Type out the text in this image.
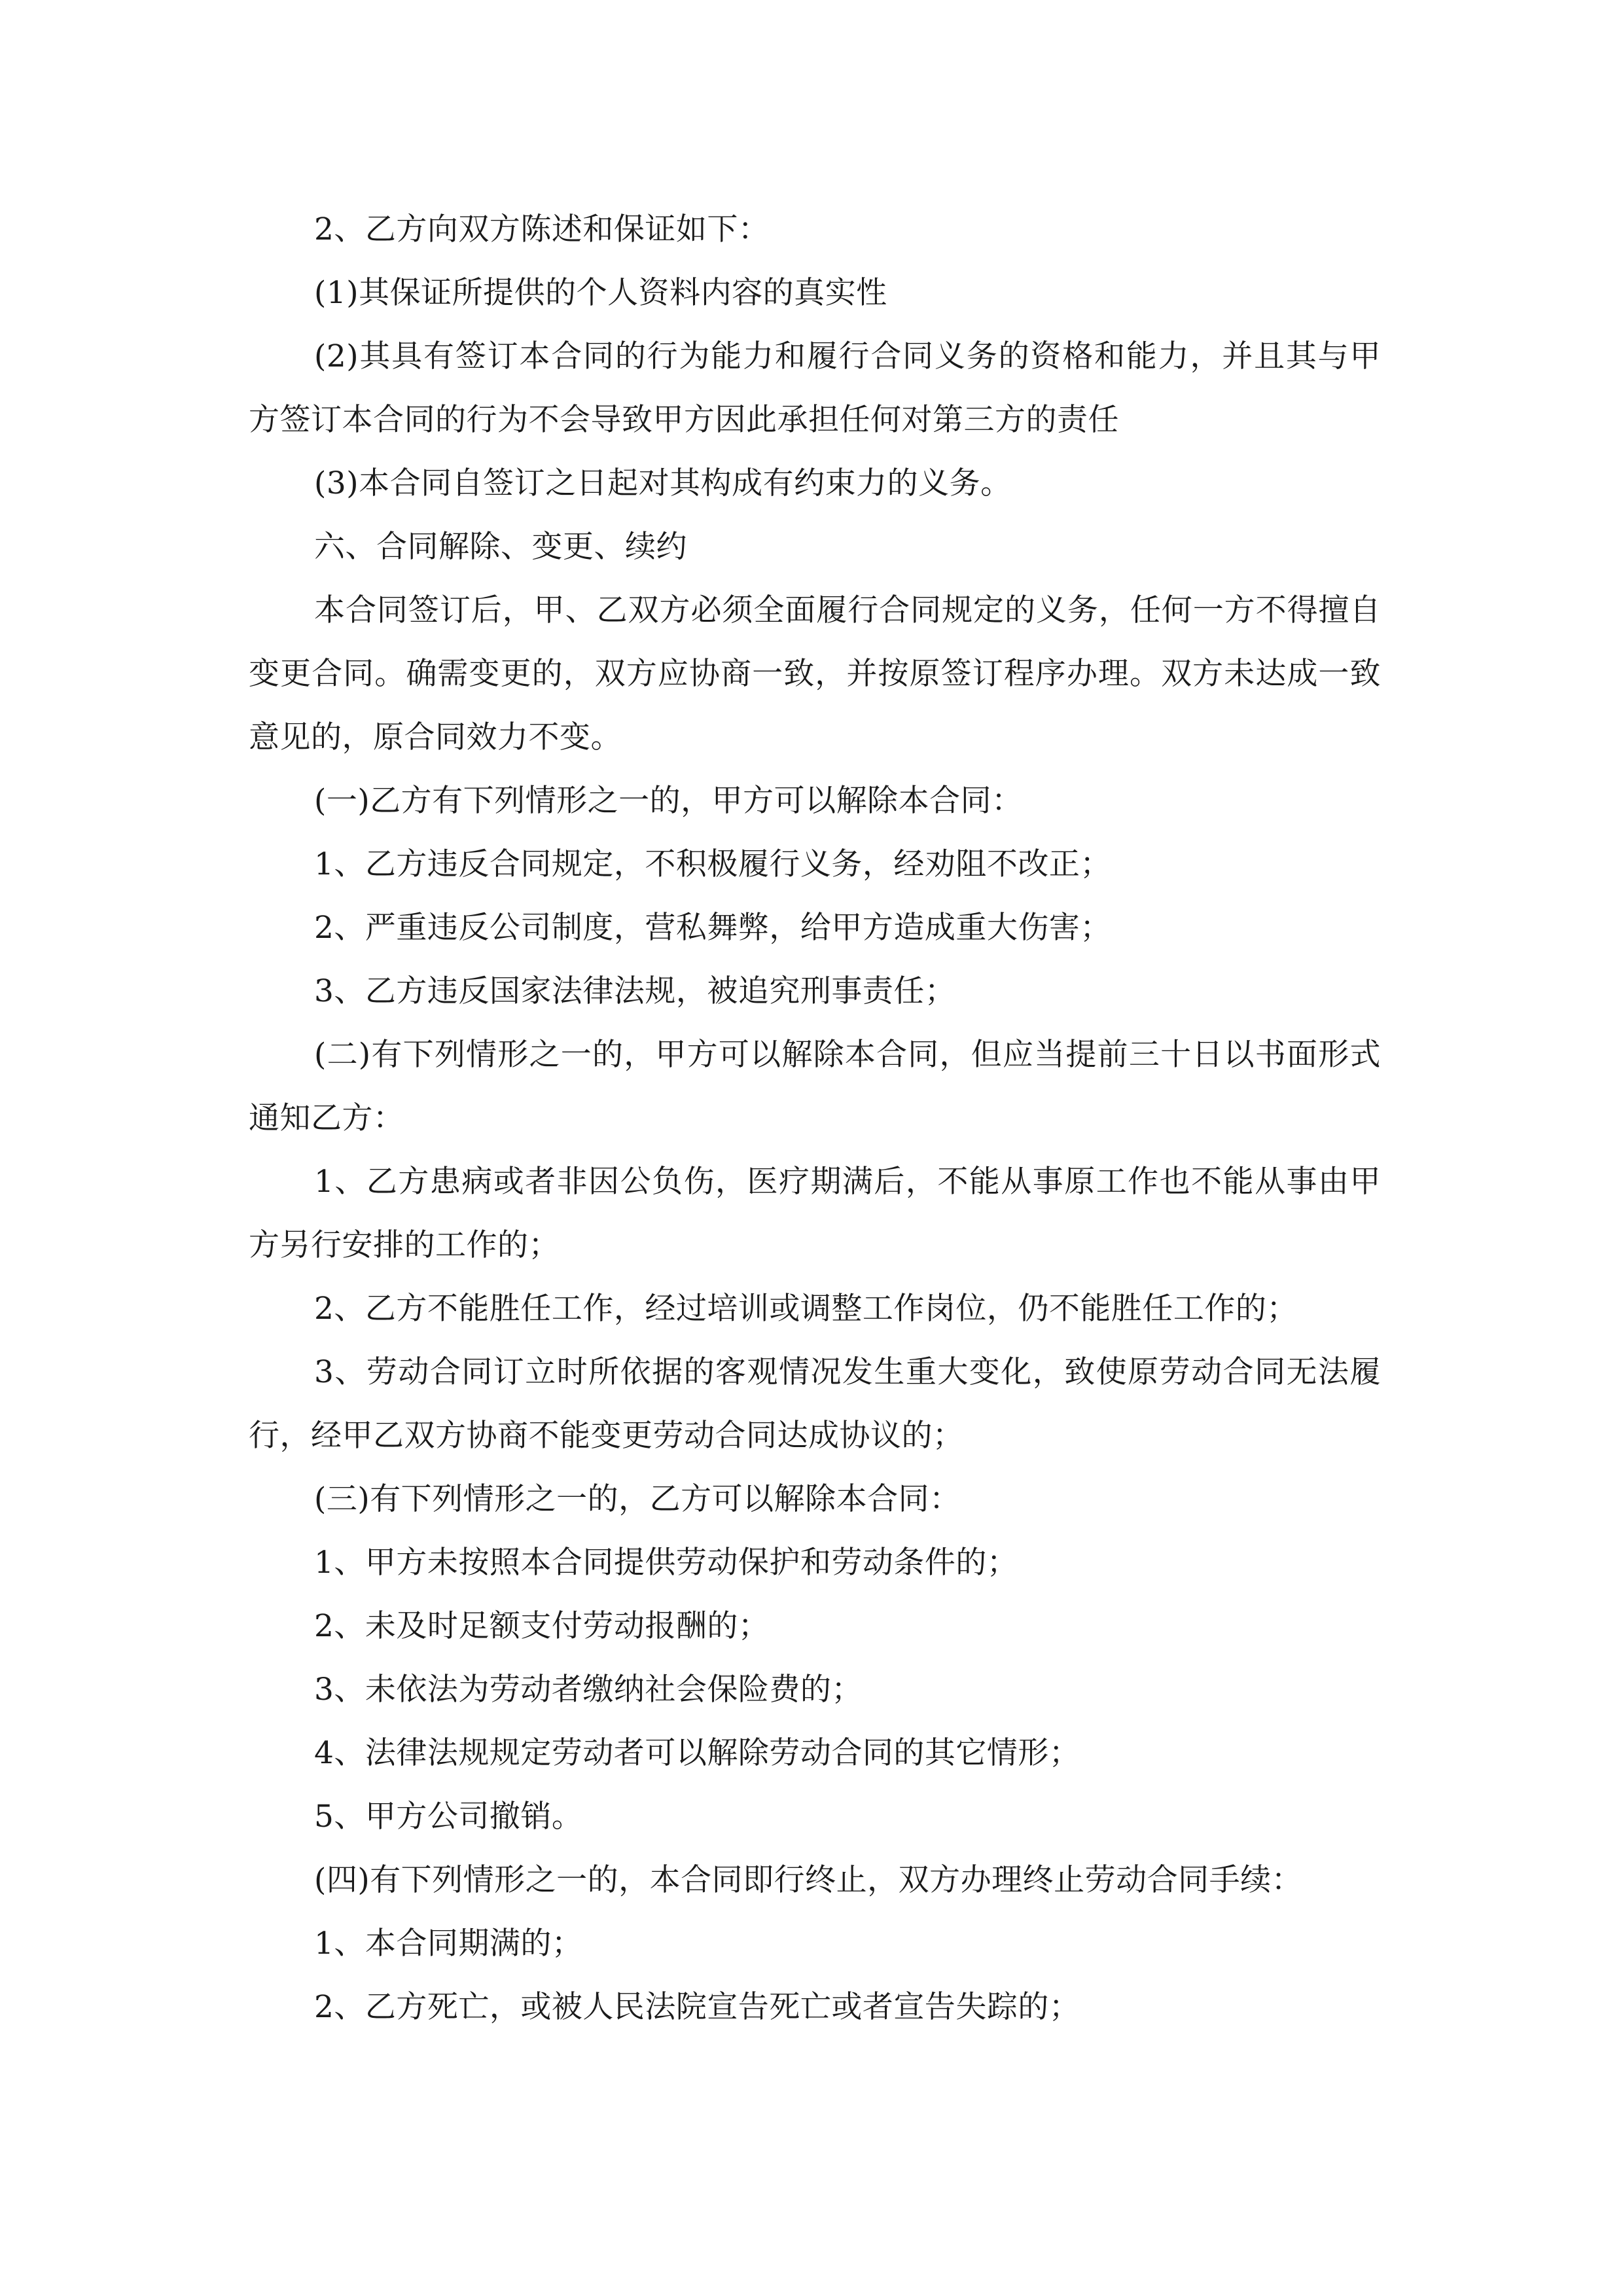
2、乙方向双方陈述和保证如下：

(1)其保证所提供的个人资料内容的真实性

(2)其具有签订本合同的行为能力和履行合同义务的资格和能力，并且其与甲方签订本合同的行为不会导致甲方因此承担任何对第三方的责任

(3)本合同自签订之日起对其构成有约束力的义务。

六、合同解除、变更、续约

本合同签订后，甲、乙双方必须全面履行合同规定的义务，任何一方不得擅自变更合同。确需变更的，双方应协商一致，并按原签订程序办理。双方未达成一致意见的，原合同效力不变。

(一)乙方有下列情形之一的，甲方可以解除本合同：

1、乙方违反合同规定，不积极履行义务，经劝阻不改正；

2、严重违反公司制度，营私舞弊，给甲方造成重大伤害；

3、乙方违反国家法律法规，被追究刑事责任；

(二)有下列情形之一的，甲方可以解除本合同，但应当提前三十日以书面形式通知乙方：

1、乙方患病或者非因公负伤，医疗期满后，不能从事原工作也不能从事由甲方另行安排的工作的；

2、乙方不能胜任工作，经过培训或调整工作岗位，仍不能胜任工作的；

3、劳动合同订立时所依据的客观情况发生重大变化，致使原劳动合同无法履行，经甲乙双方协商不能变更劳动合同达成协议的；

(三)有下列情形之一的，乙方可以解除本合同：

1、甲方未按照本合同提供劳动保护和劳动条件的；

2、未及时足额支付劳动报酬的；

3、未依法为劳动者缴纳社会保险费的；

4、法律法规规定劳动者可以解除劳动合同的其它情形；

5、甲方公司撤销。

(四)有下列情形之一的，本合同即行终止，双方办理终止劳动合同手续：

1、本合同期满的；

2、乙方死亡，或被人民法院宣告死亡或者宣告失踪的；
